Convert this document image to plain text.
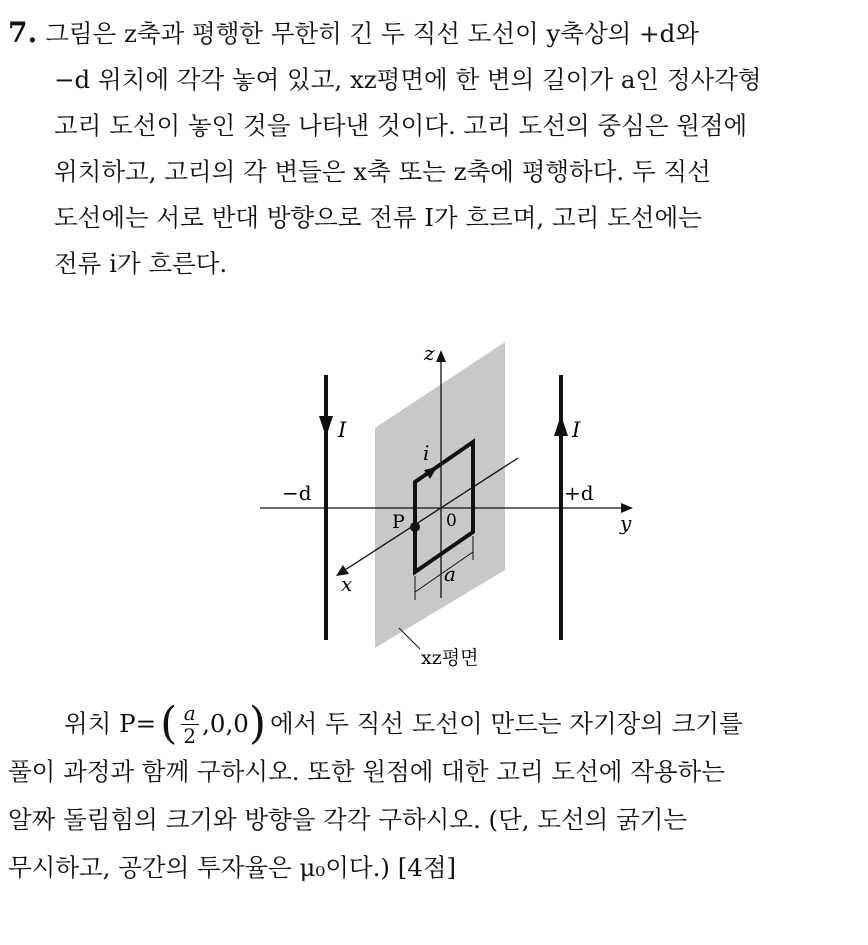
7. 그림은 z축과 평행한 무한히 긴 두 직선 도선이 y축상의 +d와
−d 위치에 각각 놓여 있고, xz평면에 한 변의 길이가 a인 정사각형
고리 도선이 놓인 것을 나타낸 것이다. 고리 도선의 중심은 원점에
위치하고, 고리의 각 변들은 x축 또는 z축에 평행하다. 두 직선
도선에는 서로 반대 방향으로 전류 I가 흐르며, 고리 도선에는
전류 i가 흐른다.
z
y
x
I	I
i
−d	+d
P 0
a
xz평면
위치
P= ( $\frac{a}{2} ,0,0$ ) 에서 두 직선 도선이 만드는 자기장의 크기를
풀이 과정과 함께 구하시오. 또한 원점에 대한 고리 도선에 작용하는
알짜 돌림힘의 크기와 방향을 각각 구하시오. (단, 도선의 굵기는
무시하고, 공간의 투자율은 μ₀이다.) [4점]
